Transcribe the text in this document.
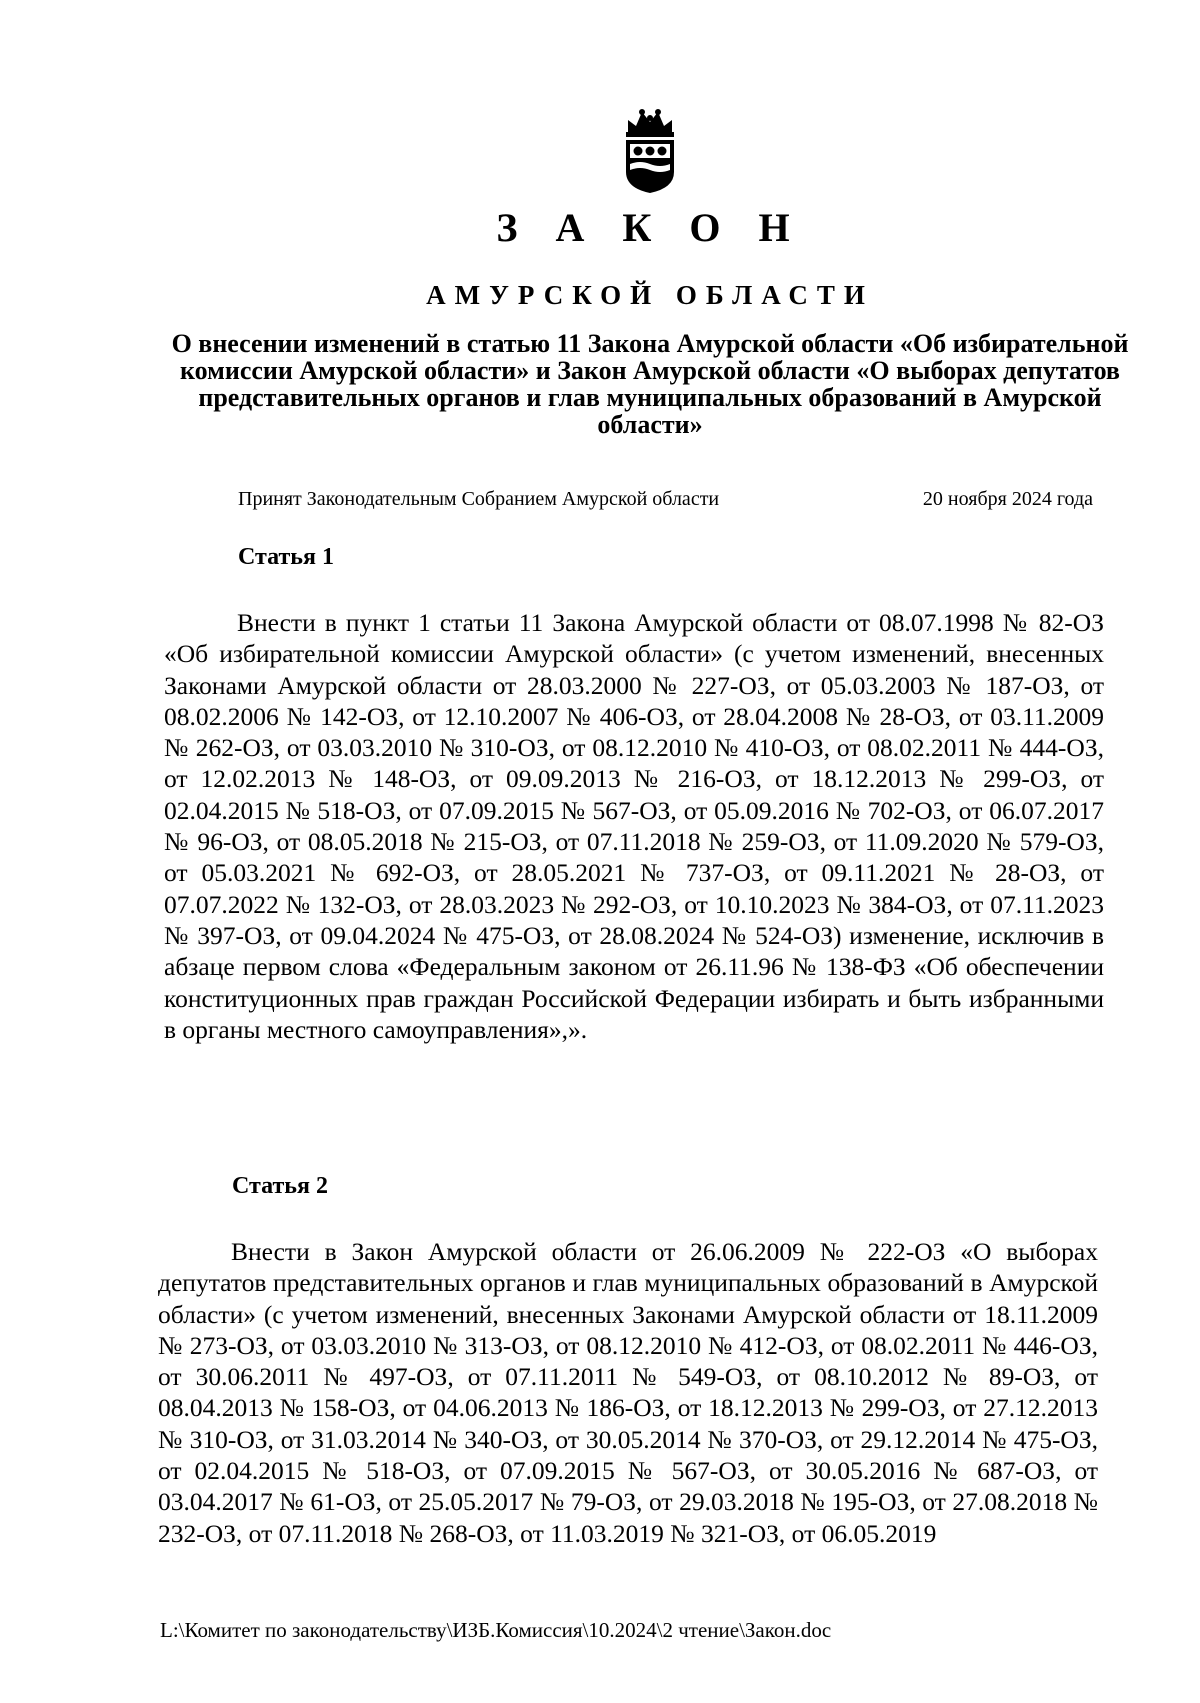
З А К О Н
АМУРСКОЙ ОБЛАСТИ
О внесении изменений в статью 11 Закона Амурской области «Об избирательной комиссии Амурской области» и Закон Амурской области «О выборах депутатов представительных органов и глав муниципальных образований в Амурской области»
Принят Законодательным Собранием Амурской области	20 ноября 2024 года
Статья 1
Внести в пункт 1 статьи 11 Закона Амурской области от 08.07.1998 № 82-ОЗ «Об избирательной комиссии Амурской области» (с учетом изменений, внесенных Законами Амурской области от 28.03.2000 № 227-ОЗ, от 05.03.2003 № 187-ОЗ, от 08.02.2006 № 142-ОЗ, от 12.10.2007 № 406-ОЗ, от 28.04.2008 № 28-ОЗ, от 03.11.2009 № 262-ОЗ, от 03.03.2010 № 310-ОЗ, от 08.12.2010 № 410-ОЗ, от 08.02.2011 № 444-ОЗ, от 12.02.2013 № 148-ОЗ, от 09.09.2013 № 216-ОЗ, от 18.12.2013 № 299-ОЗ, от 02.04.2015 № 518-ОЗ, от 07.09.2015 № 567-ОЗ, от 05.09.2016 № 702-ОЗ, от 06.07.2017 № 96-ОЗ, от 08.05.2018 № 215-ОЗ, от 07.11.2018 № 259-ОЗ, от 11.09.2020 № 579-ОЗ, от 05.03.2021 № 692-ОЗ, от 28.05.2021 № 737-ОЗ, от 09.11.2021 № 28-ОЗ, от 07.07.2022 № 132-ОЗ, от 28.03.2023 № 292-ОЗ, от 10.10.2023 № 384-ОЗ, от 07.11.2023 № 397-ОЗ, от 09.04.2024 № 475-ОЗ, от 28.08.2024 № 524-ОЗ) изменение, исключив в абзаце первом слова «Федеральным законом от 26.11.96 № 138-ФЗ «Об обеспечении конституционных прав граждан Российской Федерации избирать и быть избранными в органы местного самоуправления»,».
Статья 2
Внести в Закон Амурской области от 26.06.2009 № 222-ОЗ «О выборах депутатов представительных органов и глав муниципальных образований в Амурской области» (с учетом изменений, внесенных Законами Амурской области от 18.11.2009 № 273-ОЗ, от 03.03.2010 № 313-ОЗ, от 08.12.2010 № 412-ОЗ, от 08.02.2011 № 446-ОЗ, от 30.06.2011 № 497-ОЗ, от 07.11.2011 № 549-ОЗ, от 08.10.2012 № 89-ОЗ, от 08.04.2013 № 158-ОЗ, от 04.06.2013 № 186-ОЗ, от 18.12.2013 № 299-ОЗ, от 27.12.2013 № 310-ОЗ, от 31.03.2014 № 340-ОЗ, от 30.05.2014 № 370-ОЗ, от 29.12.2014 № 475-ОЗ, от 02.04.2015 № 518-ОЗ, от 07.09.2015 № 567-ОЗ, от 30.05.2016 № 687-ОЗ, от 03.04.2017 № 61-ОЗ, от 25.05.2017 № 79-ОЗ, от 29.03.2018 № 195-ОЗ, от 27.08.2018 № 232-ОЗ, от 07.11.2018 № 268-ОЗ, от 11.03.2019 № 321-ОЗ, от 06.05.2019
L:\Комитет по законодательству\ИЗБ.Комиссия\10.2024\2 чтение\Закон.doc
